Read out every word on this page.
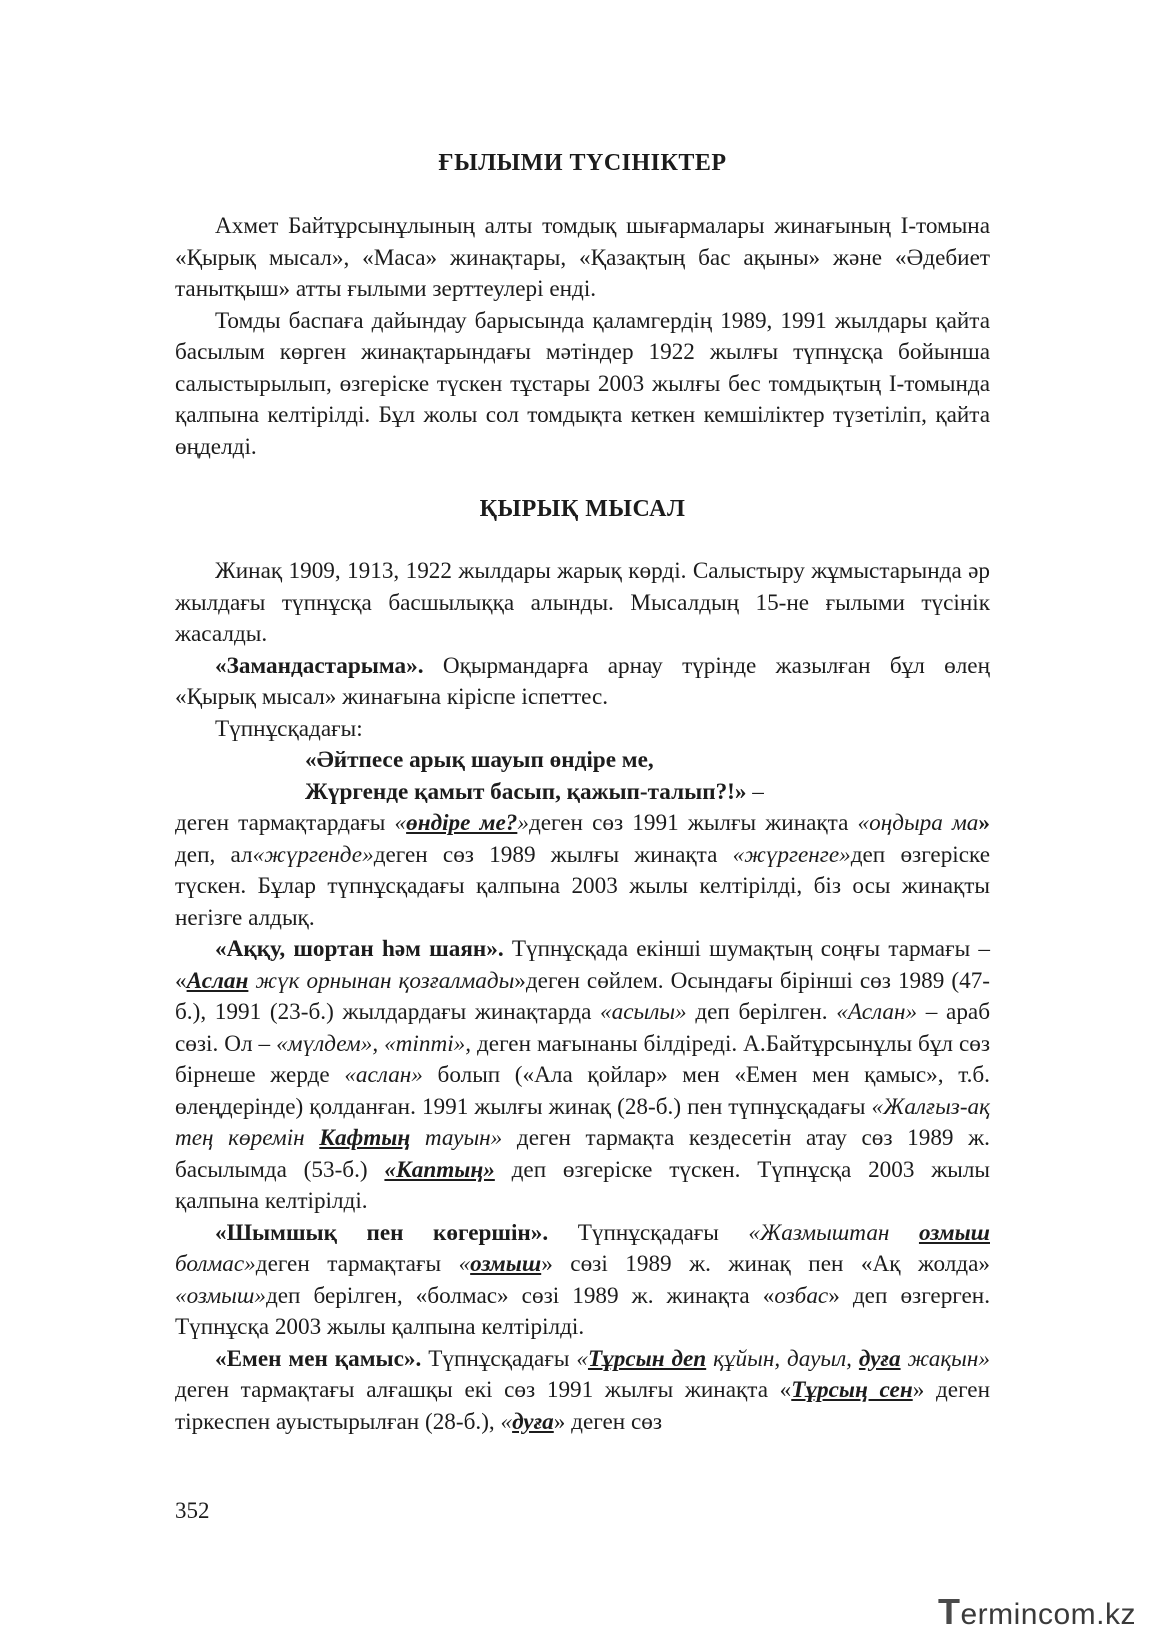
ҒЫЛЫМИ ТҮСІНІКТЕР

Ахмет Байтұрсынұлының алты томдық шығармалары жинағының І-томына «Қырық мысал», «Маса» жинақтары, «Қазақтың бас ақыны» және «Әдебиет танытқыш» атты ғылыми зерттеулері енді.

Томды баспаға дайындау барысында қаламгердің 1989, 1991 жылдары қайта басылым көрген жинақтарындағы мәтіндер 1922 жылғы түпнұсқа бойынша салыстырылып, өзгеріске түскен тұстары 2003 жылғы бес томдықтың І-томында қалпына келтірілді. Бұл жолы сол томдықта кеткен кемшіліктер түзетіліп, қайта өңделді.

ҚЫРЫҚ МЫСАЛ

Жинақ 1909, 1913, 1922 жылдары жарық көрді. Салыстыру жұмыстарында әр жылдағы түпнұсқа басшылыққа алынды. Мысалдың 15-не ғылыми түсінік жасалды.

«Замандастарыма». Оқырмандарға арнау түрінде жазылған бұл өлең «Қырық мысал» жинағына кіріспе іспеттес.

Түпнұсқадағы:

«Әйтпесе арық шауып өндіре ме,

Жүргенде қамыт басып, қажып-талып?!» –

деген тармақтардағы «өндіре ме?»деген сөз 1991 жылғы жинақта «оңдыра ма» деп, ал«жүргенде»деген сөз 1989 жылғы жинақта «жүргенге»деп өзгеріске түскен. Бұлар түпнұсқадағы қалпына 2003 жылы келтірілді, біз осы жинақты негізге алдық.

«Аққу, шортан һәм шаян». Түпнұсқада екінші шумақтың соңғы тармағы – «Аслан жүк орнынан қозғалмады»деген сөйлем. Осындағы бірінші сөз 1989 (47-б.), 1991 (23-б.) жылдардағы жинақтарда «асылы» деп берілген. «Аслан» – араб сөзі. Ол – «мүлдем», «тіпті», деген мағынаны білдіреді. А.Байтұрсынұлы бұл сөз бірнеше жерде «аслан» болып («Ала қойлар» мен «Емен мен қамыс», т.б. өлеңдерінде) қолданған. 1991 жылғы жинақ (28-б.) пен түпнұсқадағы «Жалғыз-ақ тең көремін Кафтың тауын» деген тармақта кездесетін атау сөз 1989 ж. басылымда (53-б.) «Каптың» деп өзгеріске түскен. Түпнұсқа 2003 жылы қалпына келтірілді.

«Шымшық пен көгершін». Түпнұсқадағы «Жазмыштан озмыш болмас»деген тармақтағы «озмыш» сөзі 1989 ж. жинақ пен «Ақ жолда» «озмыш»деп берілген, «болмас» сөзі 1989 ж. жинақта «озбас» деп өзгерген. Түпнұсқа 2003 жылы қалпына келтірілді.

«Емен мен қамыс». Түпнұсқадағы «Тұрсын деп құйын, дауыл, дуға жақын» деген тармақтағы алғашқы екі сөз 1991 жылғы жинақта «Тұрсың сен» деген тіркеспен ауыстырылған (28-б.), «дуға» деген сөз

352
Termincom.kz
